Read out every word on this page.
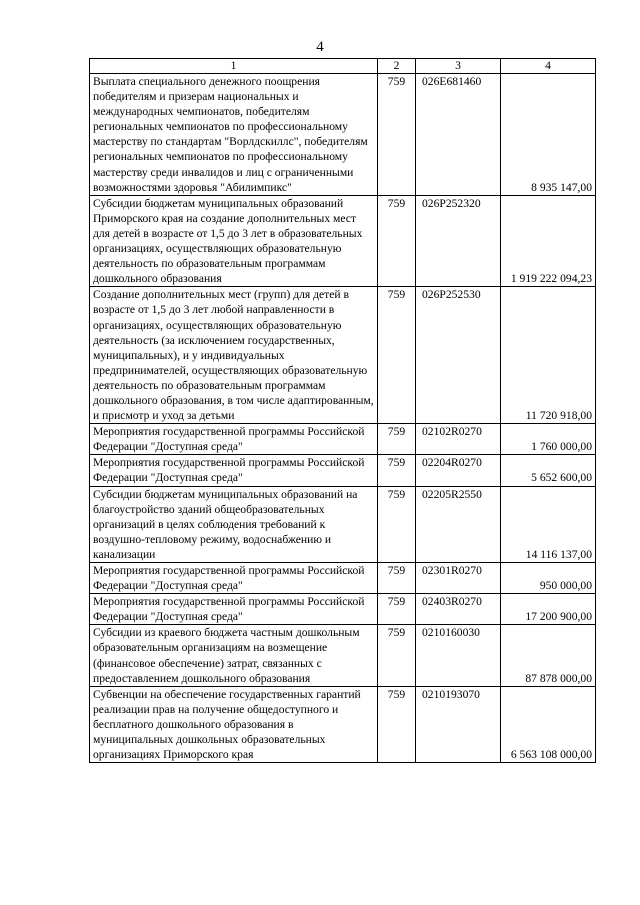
4
1	2	3	4
Выплата специального денежного поощрения победителям и призерам национальных и международных чемпионатов, победителям региональных чемпионатов по профессиональному мастерству по стандартам "Ворлдскиллс", победителям региональных чемпионатов по профессиональному мастерству среди инвалидов и лиц с ограниченными возможностями здоровья "Абилимпикс"	759	026E681460	8 935 147,00
Субсидии бюджетам муниципальных образований Приморского края на создание дополнительных мест для детей в возрасте от 1,5 до 3 лет в образовательных организациях, осуществляющих образовательную деятельность по образовательным программам дошкольного образования	759	026P252320	1 919 222 094,23
Создание дополнительных мест (групп) для детей в возрасте от 1,5 до 3 лет любой направленности в организациях, осуществляющих образовательную деятельность (за исключением государственных, муниципальных), и у индивидуальных предпринимателей, осуществляющих образовательную деятельность по образовательным программам дошкольного образования, в том числе адаптированным, и присмотр и уход за детьми	759	026P252530	11 720 918,00
Мероприятия государственной программы Российской Федерации "Доступная среда"	759	02102R0270	1 760 000,00
Мероприятия государственной программы Российской Федерации "Доступная среда"	759	02204R0270	5 652 600,00
Субсидии бюджетам муниципальных образований на благоустройство зданий общеобразовательных организаций в целях соблюдения требований к воздушно-тепловому режиму, водоснабжению и канализации	759	02205R2550	14 116 137,00
Мероприятия государственной программы Российской Федерации "Доступная среда"	759	02301R0270	950 000,00
Мероприятия государственной программы Российской Федерации "Доступная среда"	759	02403R0270	17 200 900,00
Субсидии из краевого бюджета частным дошкольным образовательным организациям на возмещение (финансовое обеспечение) затрат, связанных с предоставлением дошкольного образования	759	0210160030	87 878 000,00
Субвенции на обеспечение государственных гарантий реализации прав на получение общедоступного и бесплатного дошкольного образования в муниципальных дошкольных образовательных организациях Приморского края	759	0210193070	6 563 108 000,00
